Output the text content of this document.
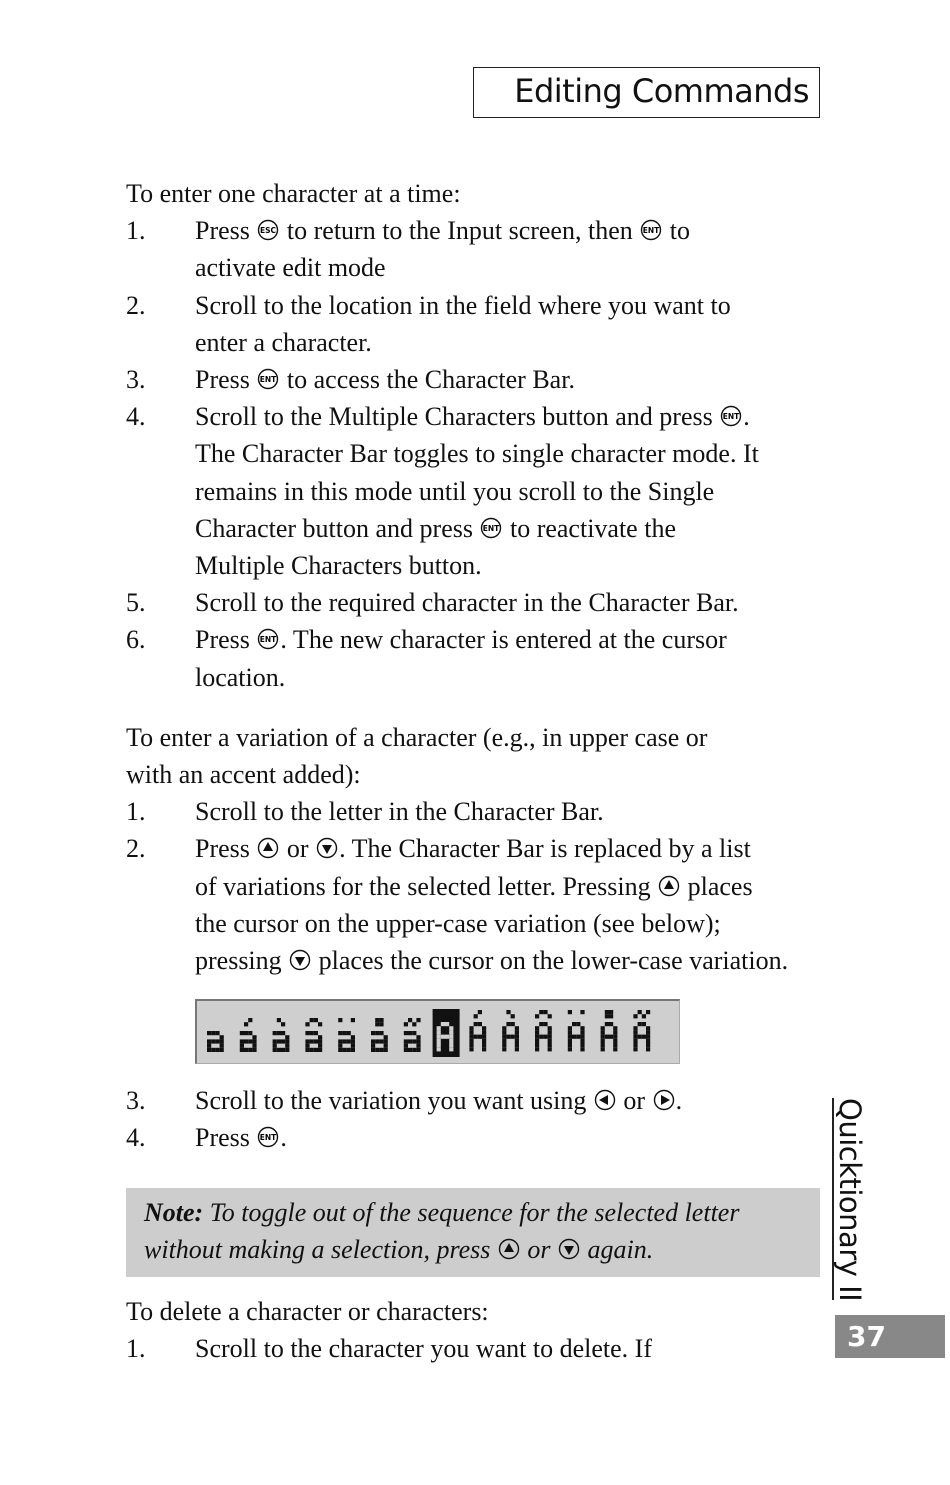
Editing Commands

To enter one character at a time:

1. Press ESC to return to the Input screen, then ENT to
activate edit mode
2. Scroll to the location in the field where you want to
enter a character.
3. Press ENT to access the Character Bar.
4. Scroll to the Multiple Characters button and press ENT .
The Character Bar toggles to single character mode. It
remains in this mode until you scroll to the Single
Character button and press ENT to reactivate the
Multiple Characters button.
5. Scroll to the required character in the Character Bar.
6. Press ENT . The new character is entered at the cursor
location.

To enter a variation of a character (e.g., in upper case or
with an accent added):

1. Scroll to the letter in the Character Bar.
2. Press
or
. The Character Bar is replaced by a list
of variations for the selected letter. Pressing
places
the cursor on the upper-case variation (see below);
pressing
places the cursor on the lower-case variation.
3. Scroll to the variation you want using
or
.
4. Press ENT .
Note: To toggle out of the sequence for the selected letter
without making a selection, press
or
again.

To delete a character or characters:

1. Scroll to the character you want to delete. If
Quicktionary II
37
